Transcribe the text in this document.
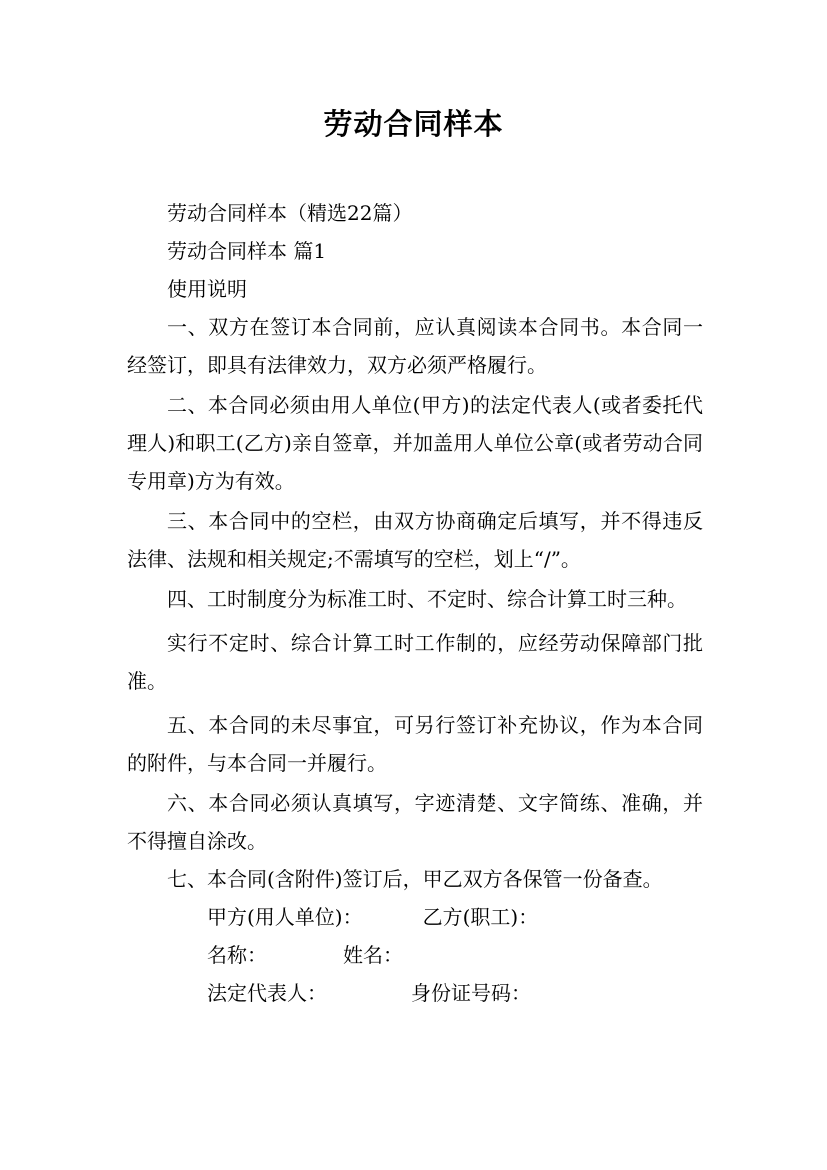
劳动合同样本

劳动合同样本（精选22篇）

劳动合同样本 篇1

使用说明

一、双方在签订本合同前，应认真阅读本合同书。本合同一经签订，即具有法律效力，双方必须严格履行。

二、本合同必须由用人单位(甲方)的法定代表人(或者委托代理人)和职工(乙方)亲自签章，并加盖用人单位公章(或者劳动合同专用章)方为有效。

三、本合同中的空栏，由双方协商确定后填写，并不得违反法律、法规和相关规定;不需填写的空栏，划上“/”。

四、工时制度分为标准工时、不定时、综合计算工时三种。

实行不定时、综合计算工时工作制的，应经劳动保障部门批准。

五、本合同的未尽事宜，可另行签订补充协议，作为本合同的附件，与本合同一并履行。

六、本合同必须认真填写，字迹清楚、文字简练、准确，并不得擅自涂改。

七、本合同(含附件)签订后，甲乙双方各保管一份备查。

甲方(用人单位)：	乙方(职工)：

名称：	姓名：

法定代表人：	身份证号码：
